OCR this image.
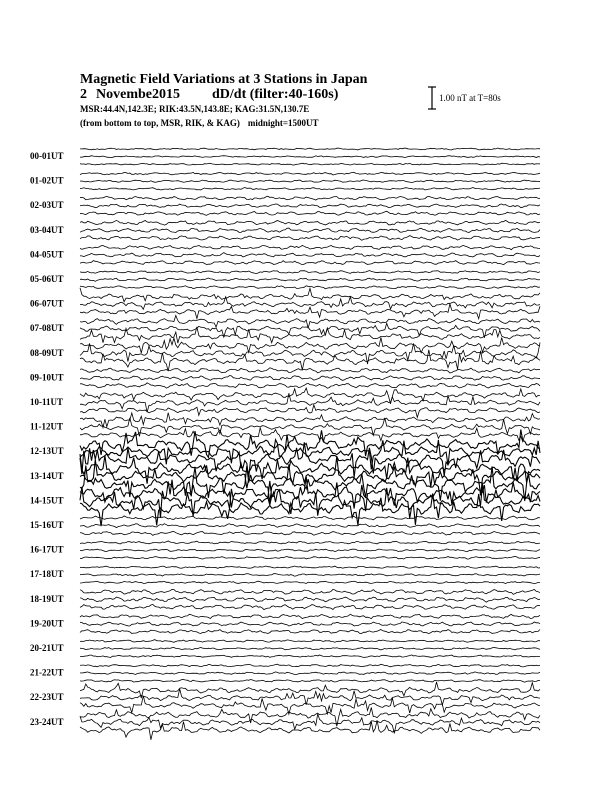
Magnetic Field Variations at 3 Stations in Japan
2 Novembe2015 dD/dt (filter:40-160s)
MSR:44.4N,142.3E; RIK:43.5N,143.8E; KAG:31.5N,130.7E
(from bottom to top, MSR, RIK, & KAG) midnight=1500UT
1.00 nT at T=80s
00-01UT
01-02UT
02-03UT
03-04UT
04-05UT
05-06UT
06-07UT
07-08UT
08-09UT
09-10UT
10-11UT
11-12UT
12-13UT
13-14UT
14-15UT
15-16UT
16-17UT
17-18UT
18-19UT
19-20UT
20-21UT
21-22UT
22-23UT
23-24UT
